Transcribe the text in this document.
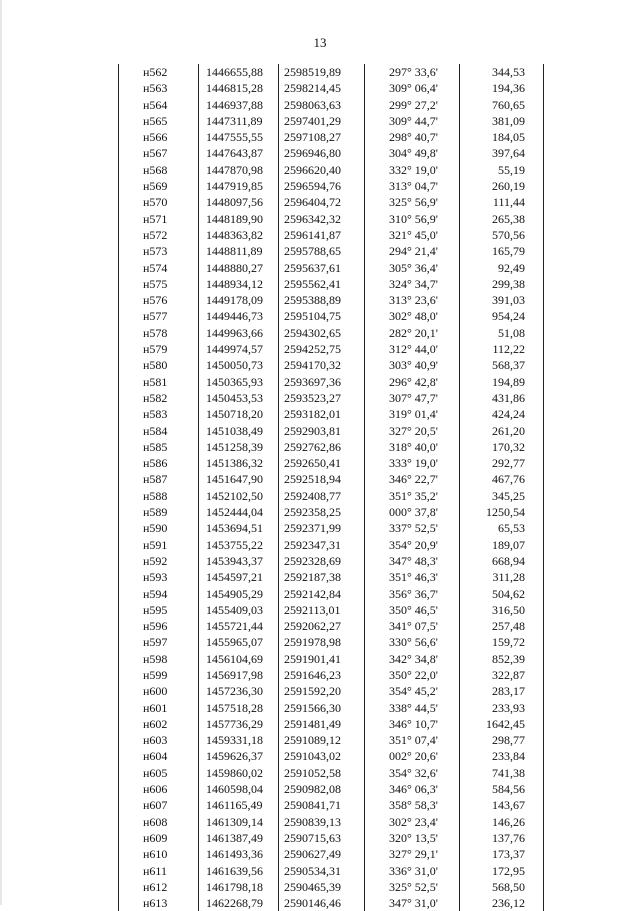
13
н562	1446655,88	2598519,89	297° 33,6'	344,53
н563	1446815,28	2598214,45	309° 06,4'	194,36
н564	1446937,88	2598063,63	299° 27,2'	760,65
н565	1447311,89	2597401,29	309° 44,7'	381,09
н566	1447555,55	2597108,27	298° 40,7'	184,05
н567	1447643,87	2596946,80	304° 49,8'	397,64
н568	1447870,98	2596620,40	332° 19,0'	55,19
н569	1447919,85	2596594,76	313° 04,7'	260,19
н570	1448097,56	2596404,72	325° 56,9'	111,44
н571	1448189,90	2596342,32	310° 56,9'	265,38
н572	1448363,82	2596141,87	321° 45,0'	570,56
н573	1448811,89	2595788,65	294° 21,4'	165,79
н574	1448880,27	2595637,61	305° 36,4'	92,49
н575	1448934,12	2595562,41	324° 34,7'	299,38
н576	1449178,09	2595388,89	313° 23,6'	391,03
н577	1449446,73	2595104,75	302° 48,0'	954,24
н578	1449963,66	2594302,65	282° 20,1'	51,08
н579	1449974,57	2594252,75	312° 44,0'	112,22
н580	1450050,73	2594170,32	303° 40,9'	568,37
н581	1450365,93	2593697,36	296° 42,8'	194,89
н582	1450453,53	2593523,27	307° 47,7'	431,86
н583	1450718,20	2593182,01	319° 01,4'	424,24
н584	1451038,49	2592903,81	327° 20,5'	261,20
н585	1451258,39	2592762,86	318° 40,0'	170,32
н586	1451386,32	2592650,41	333° 19,0'	292,77
н587	1451647,90	2592518,94	346° 22,7'	467,76
н588	1452102,50	2592408,77	351° 35,2'	345,25
н589	1452444,04	2592358,25	000° 37,8'	1250,54
н590	1453694,51	2592371,99	337° 52,5'	65,53
н591	1453755,22	2592347,31	354° 20,9'	189,07
н592	1453943,37	2592328,69	347° 48,3'	668,94
н593	1454597,21	2592187,38	351° 46,3'	311,28
н594	1454905,29	2592142,84	356° 36,7'	504,62
н595	1455409,03	2592113,01	350° 46,5'	316,50
н596	1455721,44	2592062,27	341° 07,5'	257,48
н597	1455965,07	2591978,98	330° 56,6'	159,72
н598	1456104,69	2591901,41	342° 34,8'	852,39
н599	1456917,98	2591646,23	350° 22,0'	322,87
н600	1457236,30	2591592,20	354° 45,2'	283,17
н601	1457518,28	2591566,30	338° 44,5'	233,93
н602	1457736,29	2591481,49	346° 10,7'	1642,45
н603	1459331,18	2591089,12	351° 07,4'	298,77
н604	1459626,37	2591043,02	002° 20,6'	233,84
н605	1459860,02	2591052,58	354° 32,6'	741,38
н606	1460598,04	2590982,08	346° 06,3'	584,56
н607	1461165,49	2590841,71	358° 58,3'	143,67
н608	1461309,14	2590839,13	302° 23,4'	146,26
н609	1461387,49	2590715,63	320° 13,5'	137,76
н610	1461493,36	2590627,49	327° 29,1'	173,37
н611	1461639,56	2590534,31	336° 31,0'	172,95
н612	1461798,18	2590465,39	325° 52,5'	568,50
н613	1462268,79	2590146,46	347° 31,0'	236,12
